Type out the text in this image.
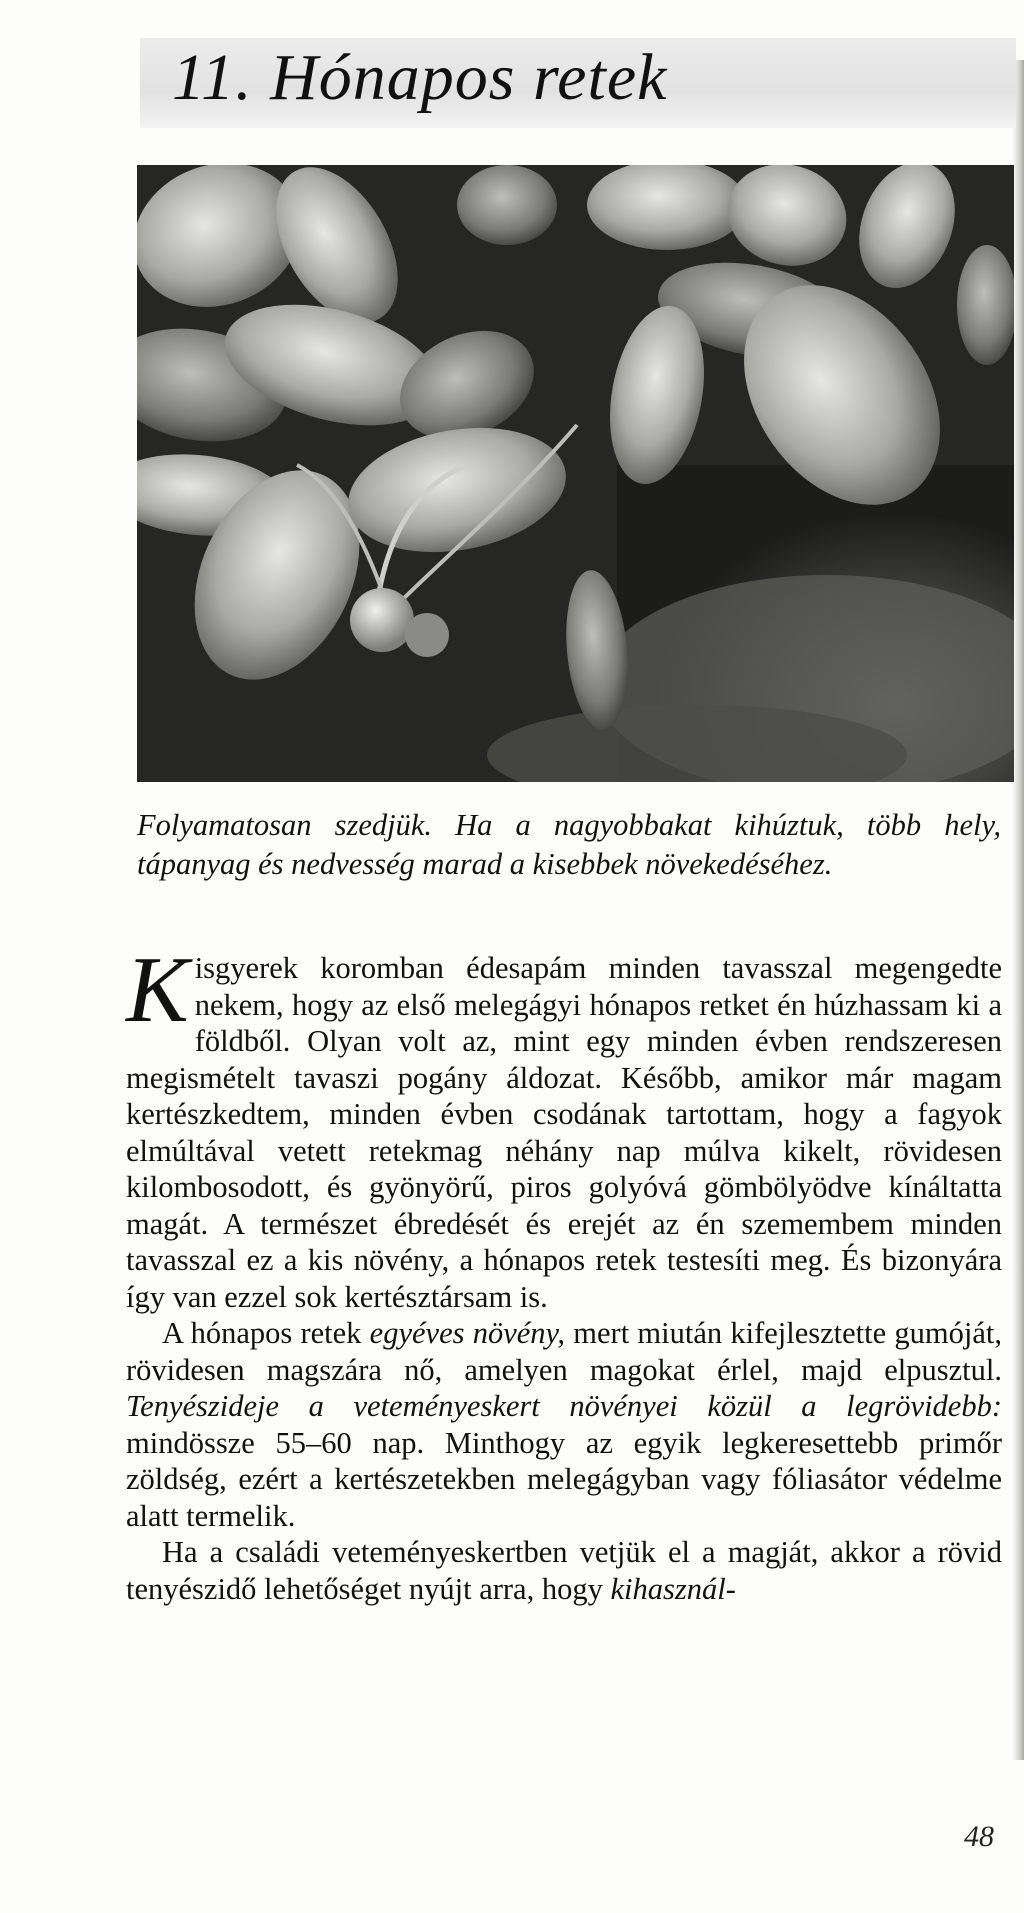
11. Hónapos retek

Folyamatosan szedjük. Ha a nagyobbakat kihúztuk, több hely, tápanyag és nedvesség marad a kisebbek növekedéséhez.

Kisgyerek koromban édesapám minden tavasszal megengedte nekem, hogy az első melegágyi hónapos retket én húzhassam ki a földből. Olyan volt az, mint egy minden évben rendszeresen megismételt tavaszi pogány áldozat. Később, amikor már magam kertészkedtem, minden évben csodának tartottam, hogy a fagyok elmúltával vetett retekmag néhány nap múlva kikelt, rövidesen kilombosodott, és gyönyörű, piros golyóvá gömbölyödve kínáltatta magát. A természet ébredését és erejét az én szemembem minden tavasszal ez a kis növény, a hónapos retek testesíti meg. És bizonyára így van ezzel sok kertésztársam is.

A hónapos retek egyéves növény, mert miután kifejlesztette gumóját, rövidesen magszára nő, amelyen magokat érlel, majd elpusztul. Tenyészideje a veteményeskert növényei közül a legrövidebb: mindössze 55–60 nap. Minthogy az egyik legkeresettebb primőr zöldség, ezért a kertészetekben melegágyban vagy fóliasátor védelme alatt termelik.

Ha a családi veteményeskertben vetjük el a magját, akkor a rövid tenyészidő lehetőséget nyújt arra, hogy kihasznál-

48
